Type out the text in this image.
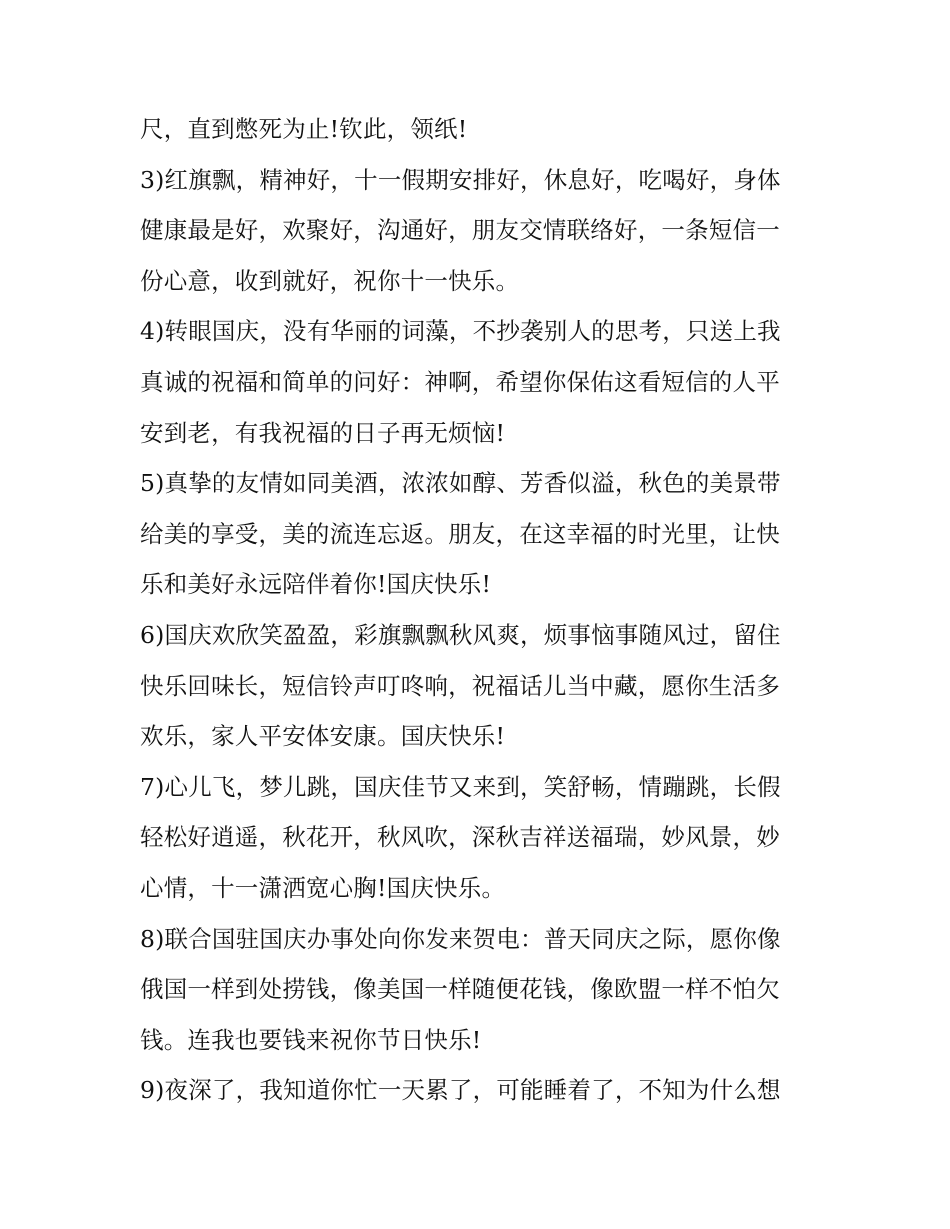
尺，直到憋死为止!钦此，领纸!
3)红旗飘，精神好，十一假期安排好，休息好，吃喝好，身体
健康最是好，欢聚好，沟通好，朋友交情联络好，一条短信一
份心意，收到就好，祝你十一快乐。
4)转眼国庆，没有华丽的词藻，不抄袭别人的思考，只送上我
真诚的祝福和简单的问好：神啊，希望你保佑这看短信的人平
安到老，有我祝福的日子再无烦恼!
5)真挚的友情如同美酒，浓浓如醇、芳香似溢，秋色的美景带
给美的享受，美的流连忘返。朋友，在这幸福的时光里，让快
乐和美好永远陪伴着你!国庆快乐!
6)国庆欢欣笑盈盈，彩旗飘飘秋风爽，烦事恼事随风过，留住
快乐回味长，短信铃声叮咚响，祝福话儿当中藏，愿你生活多
欢乐，家人平安体安康。国庆快乐!
7)心儿飞，梦儿跳，国庆佳节又来到，笑舒畅，情蹦跳，长假
轻松好逍遥，秋花开，秋风吹，深秋吉祥送福瑞，妙风景，妙
心情，十一潇洒宽心胸!国庆快乐。
8)联合国驻国庆办事处向你发来贺电：普天同庆之际，愿你像
俄国一样到处捞钱，像美国一样随便花钱，像欧盟一样不怕欠
钱。连我也要钱来祝你节日快乐!
9)夜深了，我知道你忙一天累了，可能睡着了，不知为什么想
